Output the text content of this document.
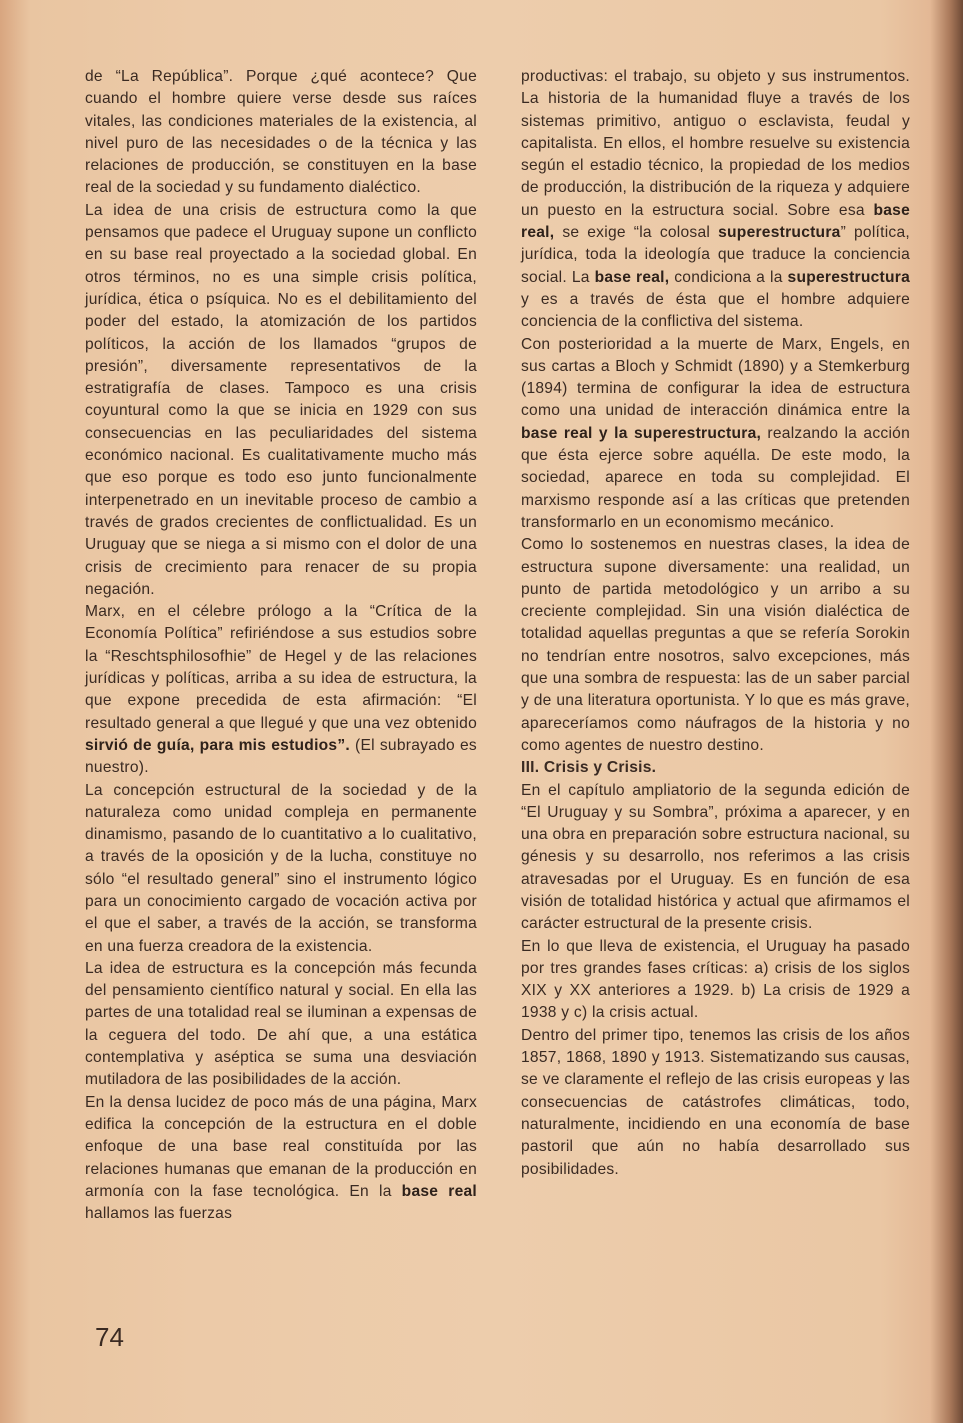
de “La República”. Porque ¿qué acontece? Que cuando el hombre quiere verse desde sus raíces vitales, las condiciones materiales de la existencia, al nivel puro de las necesidades o de la técnica y las relaciones de producción, se constituyen en la base real de la sociedad y su fundamento dialéctico.

La idea de una crisis de estructura como la que pensamos que padece el Uruguay supone un conflicto en su base real proyectado a la sociedad global. En otros términos, no es una simple crisis política, jurídica, ética o psíquica. No es el debilitamiento del poder del estado, la atomización de los partidos políticos, la acción de los llamados “grupos de presión”, diversamente representativos de la estratigrafía de clases. Tampoco es una crisis coyuntural como la que se inicia en 1929 con sus consecuencias en las peculiaridades del sistema económico nacional. Es cualitativamente mucho más que eso porque es todo eso junto funcionalmente interpenetrado en un inevitable proceso de cambio a través de grados crecientes de conflictualidad. Es un Uruguay que se niega a si mismo con el dolor de una crisis de crecimiento para renacer de su propia negación.

Marx, en el célebre prólogo a la “Crítica de la Economía Política” refiriéndose a sus estudios sobre la “Reschtsphilosofhie” de Hegel y de las relaciones jurídicas y políticas, arriba a su idea de estructura, la que expone precedida de esta afirmación: “El resultado general a que llegué y que una vez obtenido sirvió de guía, para mis estudios”. (El subrayado es nuestro).

La concepción estructural de la sociedad y de la naturaleza como unidad compleja en permanente dinamismo, pasando de lo cuantitativo a lo cualitativo, a través de la oposición y de la lucha, constituye no sólo “el resultado general” sino el instrumento lógico para un conocimiento cargado de vocación activa por el que el saber, a través de la acción, se transforma en una fuerza creadora de la existencia.

La idea de estructura es la concepción más fecunda del pensamiento científico natural y social. En ella las partes de una totalidad real se iluminan a expensas de la ceguera del todo. De ahí que, a una estática contemplativa y aséptica se suma una desviación mutiladora de las posibilidades de la acción.

En la densa lucidez de poco más de una página, Marx edifica la concepción de la estructura en el doble enfoque de una base real constituída por las relaciones humanas que emanan de la producción en armonía con la fase tecnológica. En la base real hallamos las fuerzas

productivas: el trabajo, su objeto y sus instrumentos. La historia de la humanidad fluye a través de los sistemas primitivo, antiguo o esclavista, feudal y capitalista. En ellos, el hombre resuelve su existencia según el estadio técnico, la propiedad de los medios de producción, la distribución de la riqueza y adquiere un puesto en la estructura social. Sobre esa base real, se exige “la colosal superestructura” política, jurídica, toda la ideología que traduce la conciencia social. La base real, condiciona a la superestructura y es a través de ésta que el hombre adquiere conciencia de la conflictiva del sistema.

Con posterioridad a la muerte de Marx, Engels, en sus cartas a Bloch y Schmidt (1890) y a Stemkerburg (1894) termina de configurar la idea de estructura como una unidad de interacción dinámica entre la base real y la superestructura, realzando la acción que ésta ejerce sobre aquélla. De este modo, la sociedad, aparece en toda su complejidad. El marxismo responde así a las críticas que pretenden transformarlo en un economismo mecánico.

Como lo sostenemos en nuestras clases, la idea de estructura supone diversamente: una realidad, un punto de partida metodológico y un arribo a su creciente complejidad. Sin una visión dialéctica de totalidad aquellas preguntas a que se refería Sorokin no tendrían entre nosotros, salvo excepciones, más que una sombra de respuesta: las de un saber parcial y de una literatura oportunista. Y lo que es más grave, apareceríamos como náufragos de la historia y no como agentes de nuestro destino.

III. Crisis y Crisis.

En el capítulo ampliatorio de la segunda edición de “El Uruguay y su Sombra”, próxima a aparecer, y en una obra en preparación sobre estructura nacional, su génesis y su desarrollo, nos referimos a las crisis atravesadas por el Uruguay. Es en función de esa visión de totalidad histórica y actual que afirmamos el carácter estructural de la presente crisis.

En lo que lleva de existencia, el Uruguay ha pasado por tres grandes fases críticas: a) crisis de los siglos XIX y XX anteriores a 1929. b) La crisis de 1929 a 1938 y c) la crisis actual.

Dentro del primer tipo, tenemos las crisis de los años 1857, 1868, 1890 y 1913. Sistematizando sus causas, se ve claramente el reflejo de las crisis europeas y las consecuencias de catástrofes climáticas, todo, naturalmente, incidiendo en una economía de base pastoril que aún no había desarrollado sus posibilidades.

74
